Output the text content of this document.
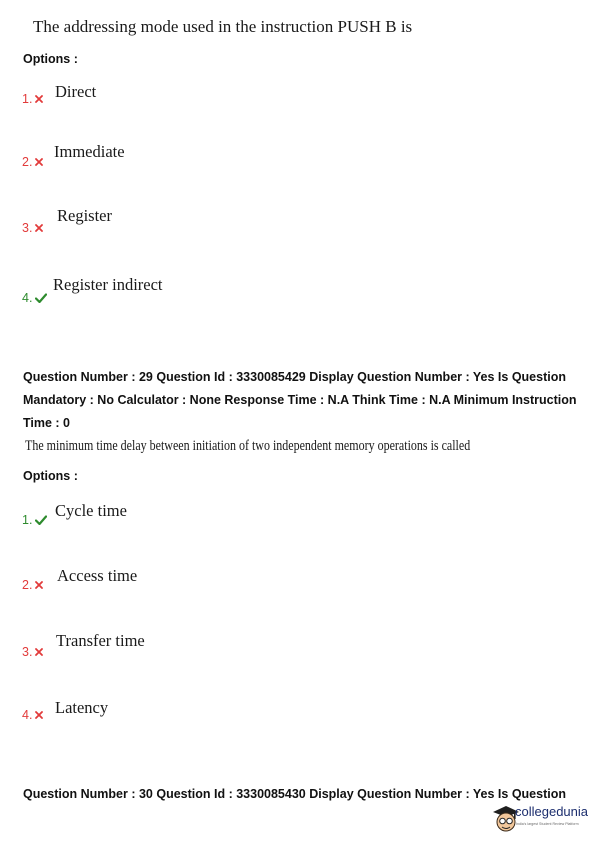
The addressing mode used in the instruction PUSH B is
Options :
1.	Direct
2.
Immediate
3.
Register
4.
Register indirect
Question Number : 29 Question Id : 3330085429 Display Question Number : Yes Is Question
Mandatory : No Calculator : None Response Time : N.A Think Time : N.A Minimum Instruction
Time : 0
The minimum time delay between initiation of two independent memory operations is called
Options :
1.	Cycle time
2.	Access time
3.
Transfer time
4.	Latency
Question Number : 30 Question Id : 3330085430 Display Question Number : Yes Is Question
collegedunia
India's largest Student Review Platform
